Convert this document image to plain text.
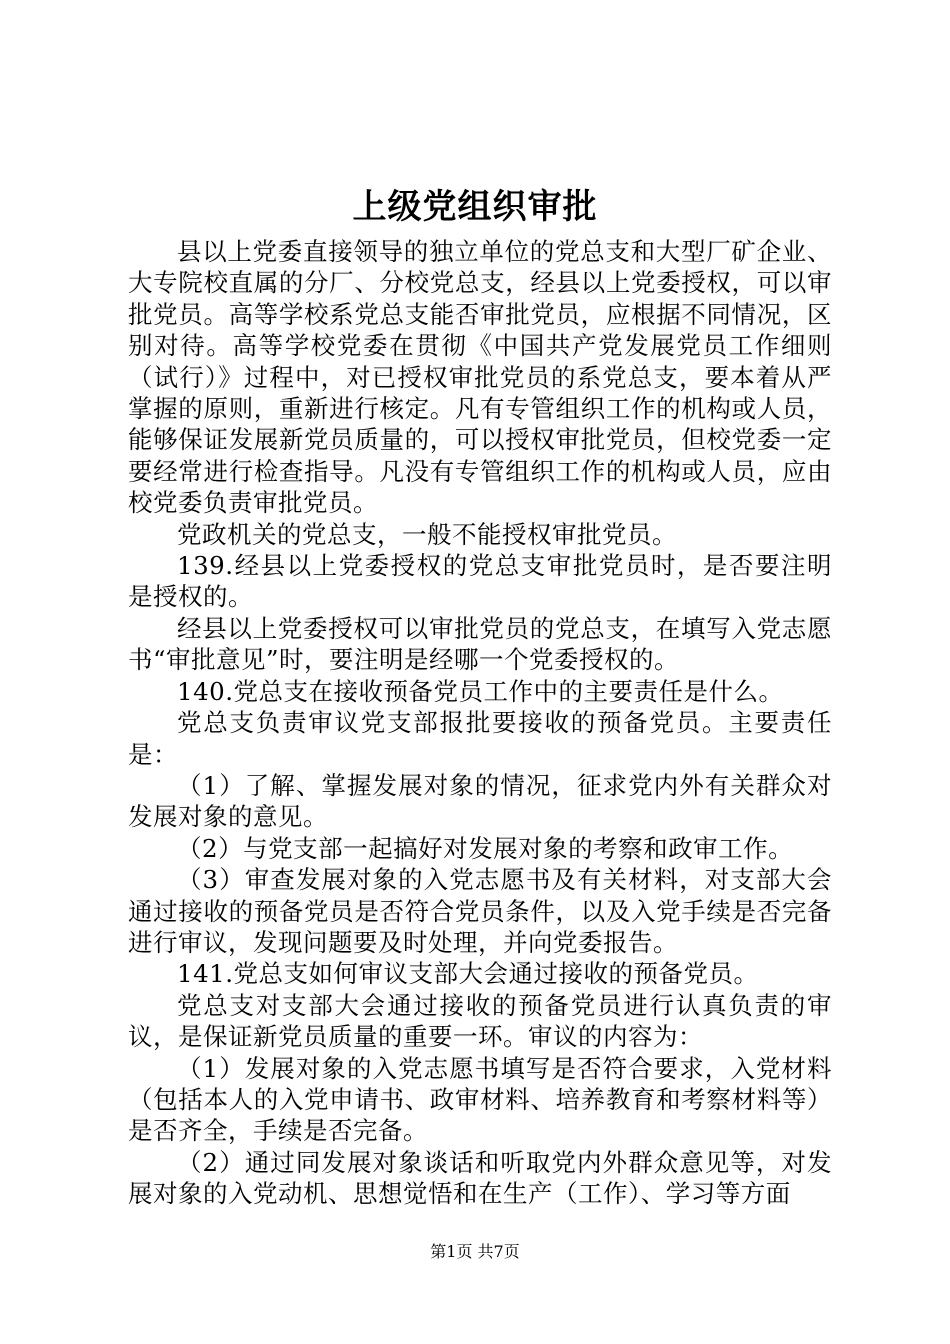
上级党组织审批

县以上党委直接领导的独立单位的党总支和大型厂矿企业、大专院校直属的分厂、分校党总支，经县以上党委授权，可以审批党员。高等学校系党总支能否审批党员，应根据不同情况，区别对待。高等学校党委在贯彻《中国共产党发展党员工作细则（试行）》过程中，对已授权审批党员的系党总支，要本着从严掌握的原则，重新进行核定。凡有专管组织工作的机构或人员，能够保证发展新党员质量的，可以授权审批党员，但校党委一定要经常进行检查指导。凡没有专管组织工作的机构或人员，应由校党委负责审批党员。

党政机关的党总支，一般不能授权审批党员。

139.经县以上党委授权的党总支审批党员时，是否要注明是授权的。

经县以上党委授权可以审批党员的党总支，在填写入党志愿书“审批意见”时，要注明是经哪一个党委授权的。

140.党总支在接收预备党员工作中的主要责任是什么。

党总支负责审议党支部报批要接收的预备党员。主要责任是：

（1）了解、掌握发展对象的情况，征求党内外有关群众对发展对象的意见。

（2）与党支部一起搞好对发展对象的考察和政审工作。

（3）审查发展对象的入党志愿书及有关材料，对支部大会通过接收的预备党员是否符合党员条件，以及入党手续是否完备进行审议，发现问题要及时处理，并向党委报告。

141.党总支如何审议支部大会通过接收的预备党员。

党总支对支部大会通过接收的预备党员进行认真负责的审议，是保证新党员质量的重要一环。审议的内容为：

（1）发展对象的入党志愿书填写是否符合要求，入党材料（包括本人的入党申请书、政审材料、培养教育和考察材料等）是否齐全，手续是否完备。

（2）通过同发展对象谈话和听取党内外群众意见等，对发展对象的入党动机、思想觉悟和在生产（工作）、学习等方面

第1页 共7页
